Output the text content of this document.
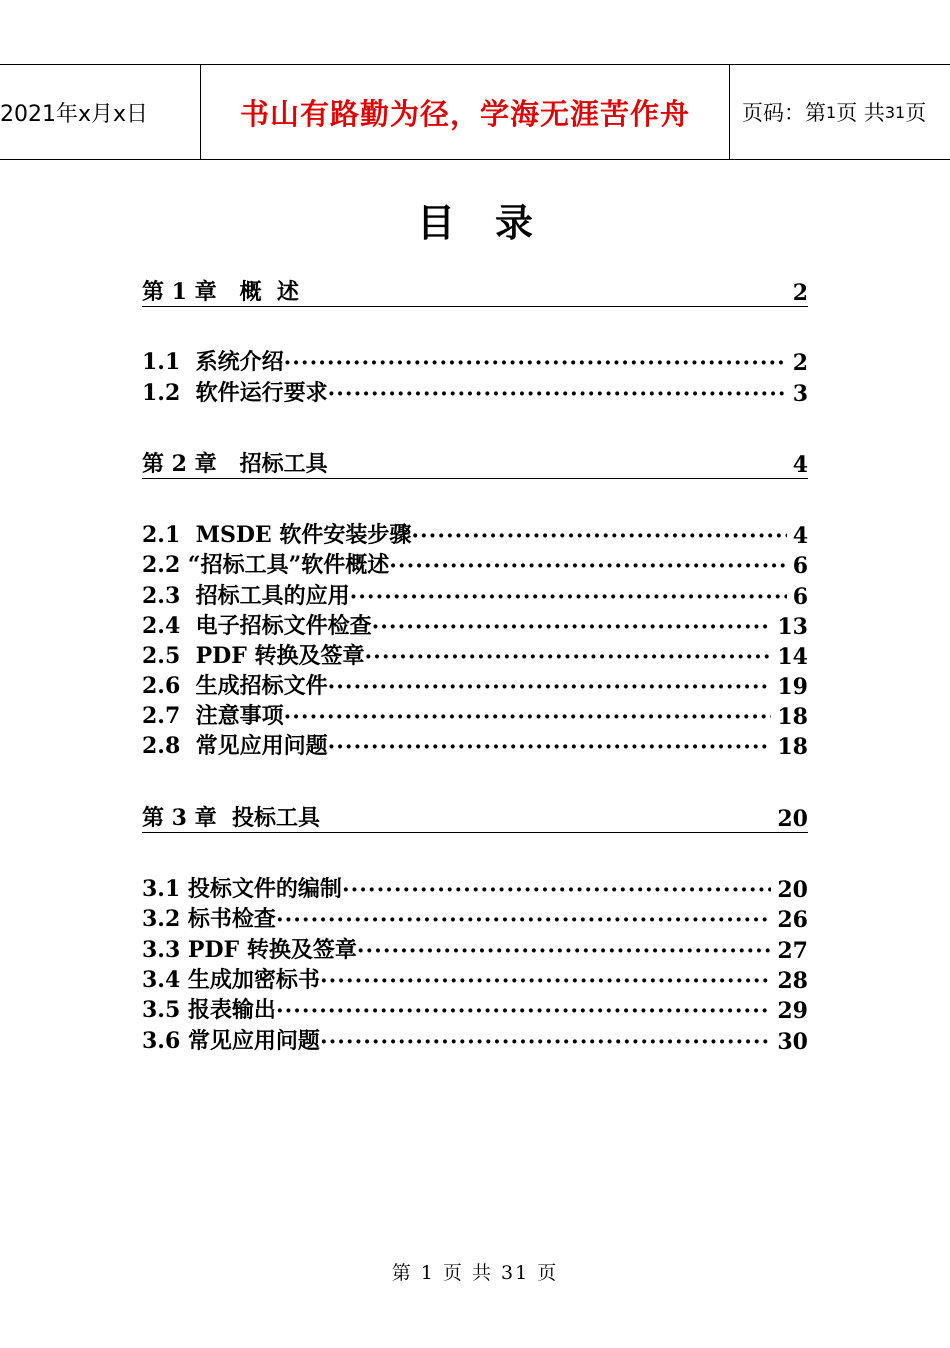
2021年x月x日	书山有路勤为径，学海无涯苦作舟	页码：第 1 页 共 31 页
目录
第 1 章   概  述	2
1.1  系统介绍 ·····	2
1.2  软件运行要求 ·····	3
第 2 章   招标工具	4
2.1  MSDE 软件安装步骤 ·····	4
2.2 “招标工具”软件概述 ·····	6
2.3  招标工具的应用 ·····	6
2.4  电子招标文件检查 ·····	13
2.5  PDF 转换及签章 ·····	14
2.6  生成招标文件 ·····	19
2.7  注意事项 ·····	18
2.8  常见应用问题 ·····	18
第 3 章  投标工具	20
3.1 投标文件的编制 ·····	20
3.2 标书检查 ·····	26
3.3 PDF 转换及签章 ·····	27
3.4 生成加密标书 ·····	28
3.5 报表输出 ·····	29
3.6 常见应用问题 ·····	30
第 1 页 共 31 页
